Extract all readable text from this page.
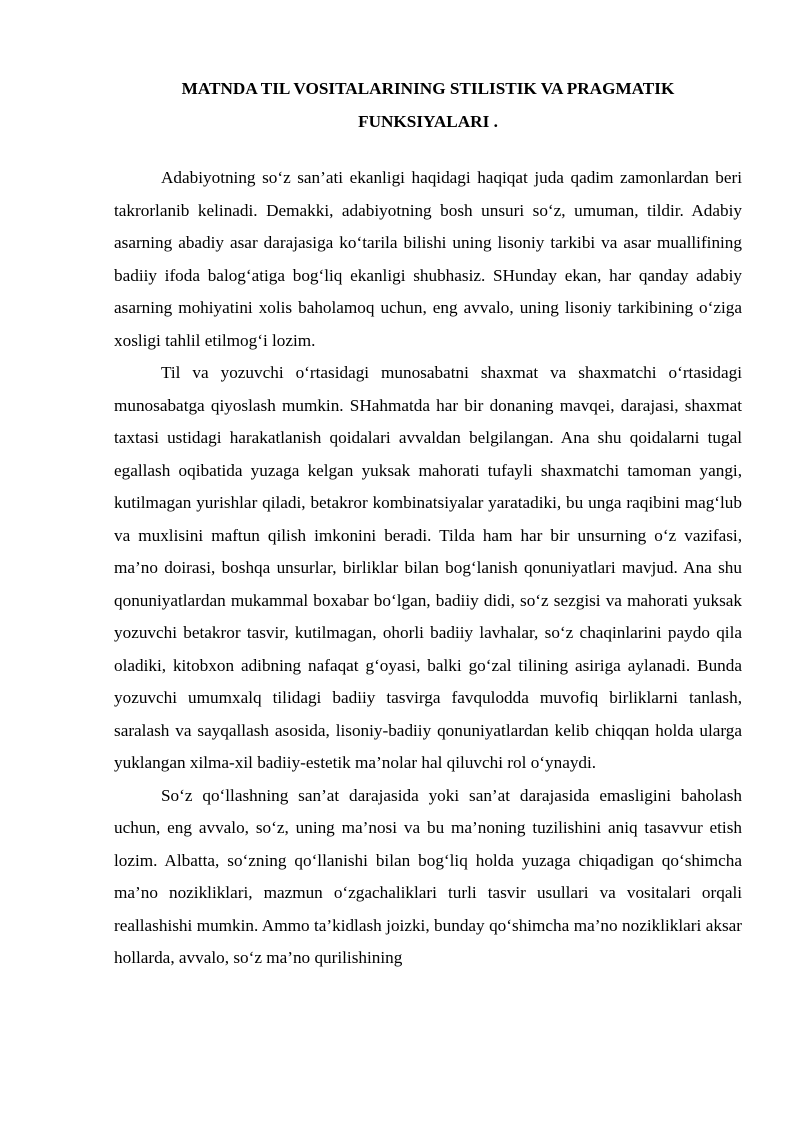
MATNDA TIL VOSITALARINING STILISTIK VA PRAGMATIK
FUNKSIYALARI .

Adabiyotning so‘z san’ati ekanligi haqidagi haqiqat juda qadim zamonlardan beri takrorlanib kelinadi. Demakki, adabiyotning bosh unsuri so‘z, umuman, tildir. Adabiy asarning abadiy asar darajasiga ko‘tarila bilishi uning lisoniy tarkibi va asar muallifining badiiy ifoda balog‘atiga bog‘liq ekanligi shubhasiz. SHunday ekan, har qanday adabiy asarning mohiyatini xolis baholamoq uchun, eng avvalo, uning lisoniy tarkibining o‘ziga xosligi tahlil etilmog‘i lozim.

Til va yozuvchi o‘rtasidagi munosabatni shaxmat va shaxmatchi o‘rtasidagi munosabatga qiyoslash mumkin. SHahmatda har bir donaning mavqei, darajasi, shaxmat taxtasi ustidagi harakatlanish qoidalari avvaldan belgilangan. Ana shu qoidalarni tugal egallash oqibatida yuzaga kelgan yuksak mahorati tufayli shaxmatchi tamoman yangi, kutilmagan yurishlar qiladi, betakror kombinatsiyalar yaratadiki, bu unga raqibini mag‘lub va muxlisini maftun qilish imkonini beradi. Tilda ham har bir unsurning o‘z vazifasi, ma’no doirasi, boshqa unsurlar, birliklar bilan bog‘lanish qonuniyatlari mavjud. Ana shu qonuniyatlardan mukammal boxabar bo‘lgan, badiiy didi, so‘z sezgisi va mahorati yuksak yozuvchi betakror tasvir, kutilmagan, ohorli badiiy lavhalar, so‘z chaqinlarini paydo qila oladiki, kitobxon adibning nafaqat g‘oyasi, balki go‘zal tilining asiriga aylanadi. Bunda yozuvchi umumxalq tilidagi badiiy tasvirga favqulodda muvofiq birliklarni tanlash, saralash va sayqallash asosida, lisoniy-badiiy qonuniyatlardan kelib chiqqan holda ularga yuklangan xilma-xil badiiy-estetik ma’nolar hal qiluvchi rol o‘ynaydi.

So‘z qo‘llashning san’at darajasida yoki san’at darajasida emasligini baholash uchun, eng avvalo, so‘z, uning ma’nosi va bu ma’noning tuzilishini aniq tasavvur etish lozim. Albatta, so‘zning qo‘llanishi bilan bog‘liq holda yuzaga chiqadigan qo‘shimcha ma’no nozikliklari, mazmun o‘zgachaliklari turli tasvir usullari va vositalari orqali reallashishi mumkin. Ammo ta’kidlash joizki, bunday qo‘shimcha ma’no nozikliklari aksar hollarda, avvalo, so‘z ma’no qurilishining
